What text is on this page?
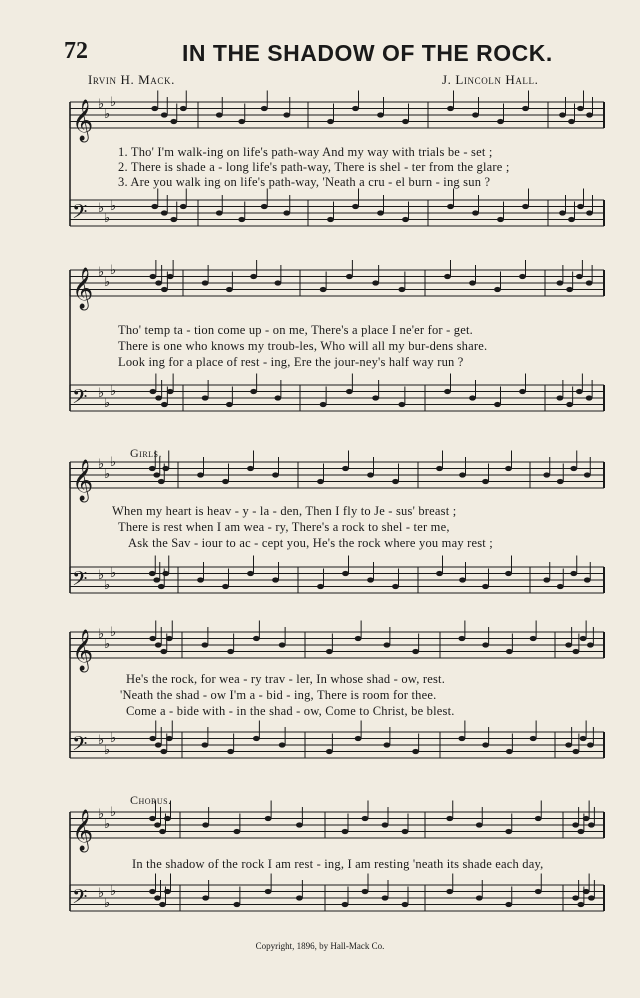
72	IN THE SHADOW OF THE ROCK.
Irvin H. Mack.	J. Lincoln Hall.
𝄞 ♭
♭
♭
𝄢 ♭
♭
♭
1. Tho' I'm walk-ing on life's path-way And my way with trials be - set ;
2. There is shade a - long life's path-way, There is shel - ter from the glare ;
3. Are you walk ing on life's path-way, 'Neath a cru - el burn - ing sun ?
𝄞 ♭
♭
♭
𝄢 ♭
♭
♭
Tho' temp ta - tion come up - on me, There's a place I ne'er for - get.
There is one who knows my troub-les, Who will all my bur-dens share.
Look ing for a place of rest - ing, Ere the jour-ney's half way run ?
Girls.
𝄞 ♭
♭
♭
𝄢 ♭
♭
♭
When my heart is heav - y - la - den, Then I fly to Je - sus' breast ;
There is rest when I am wea - ry, There's a rock to shel - ter me,
Ask the Sav - iour to ac - cept you, He's the rock where you may rest ;
𝄞 ♭
♭
♭
𝄢 ♭
♭
♭
He's the rock, for wea - ry trav - ler, In whose shad - ow, rest.
'Neath the shad - ow I'm a - bid - ing, There is room for thee.
Come a - bide with - in the shad - ow, Come to Christ, be blest.
Chorus.
𝄞 ♭
♭
♭
𝄢 ♭
♭
♭
In the shadow of the rock I am rest - ing, I am resting 'neath its shade each day,
Copyright, 1896, by Hall-Mack Co.
